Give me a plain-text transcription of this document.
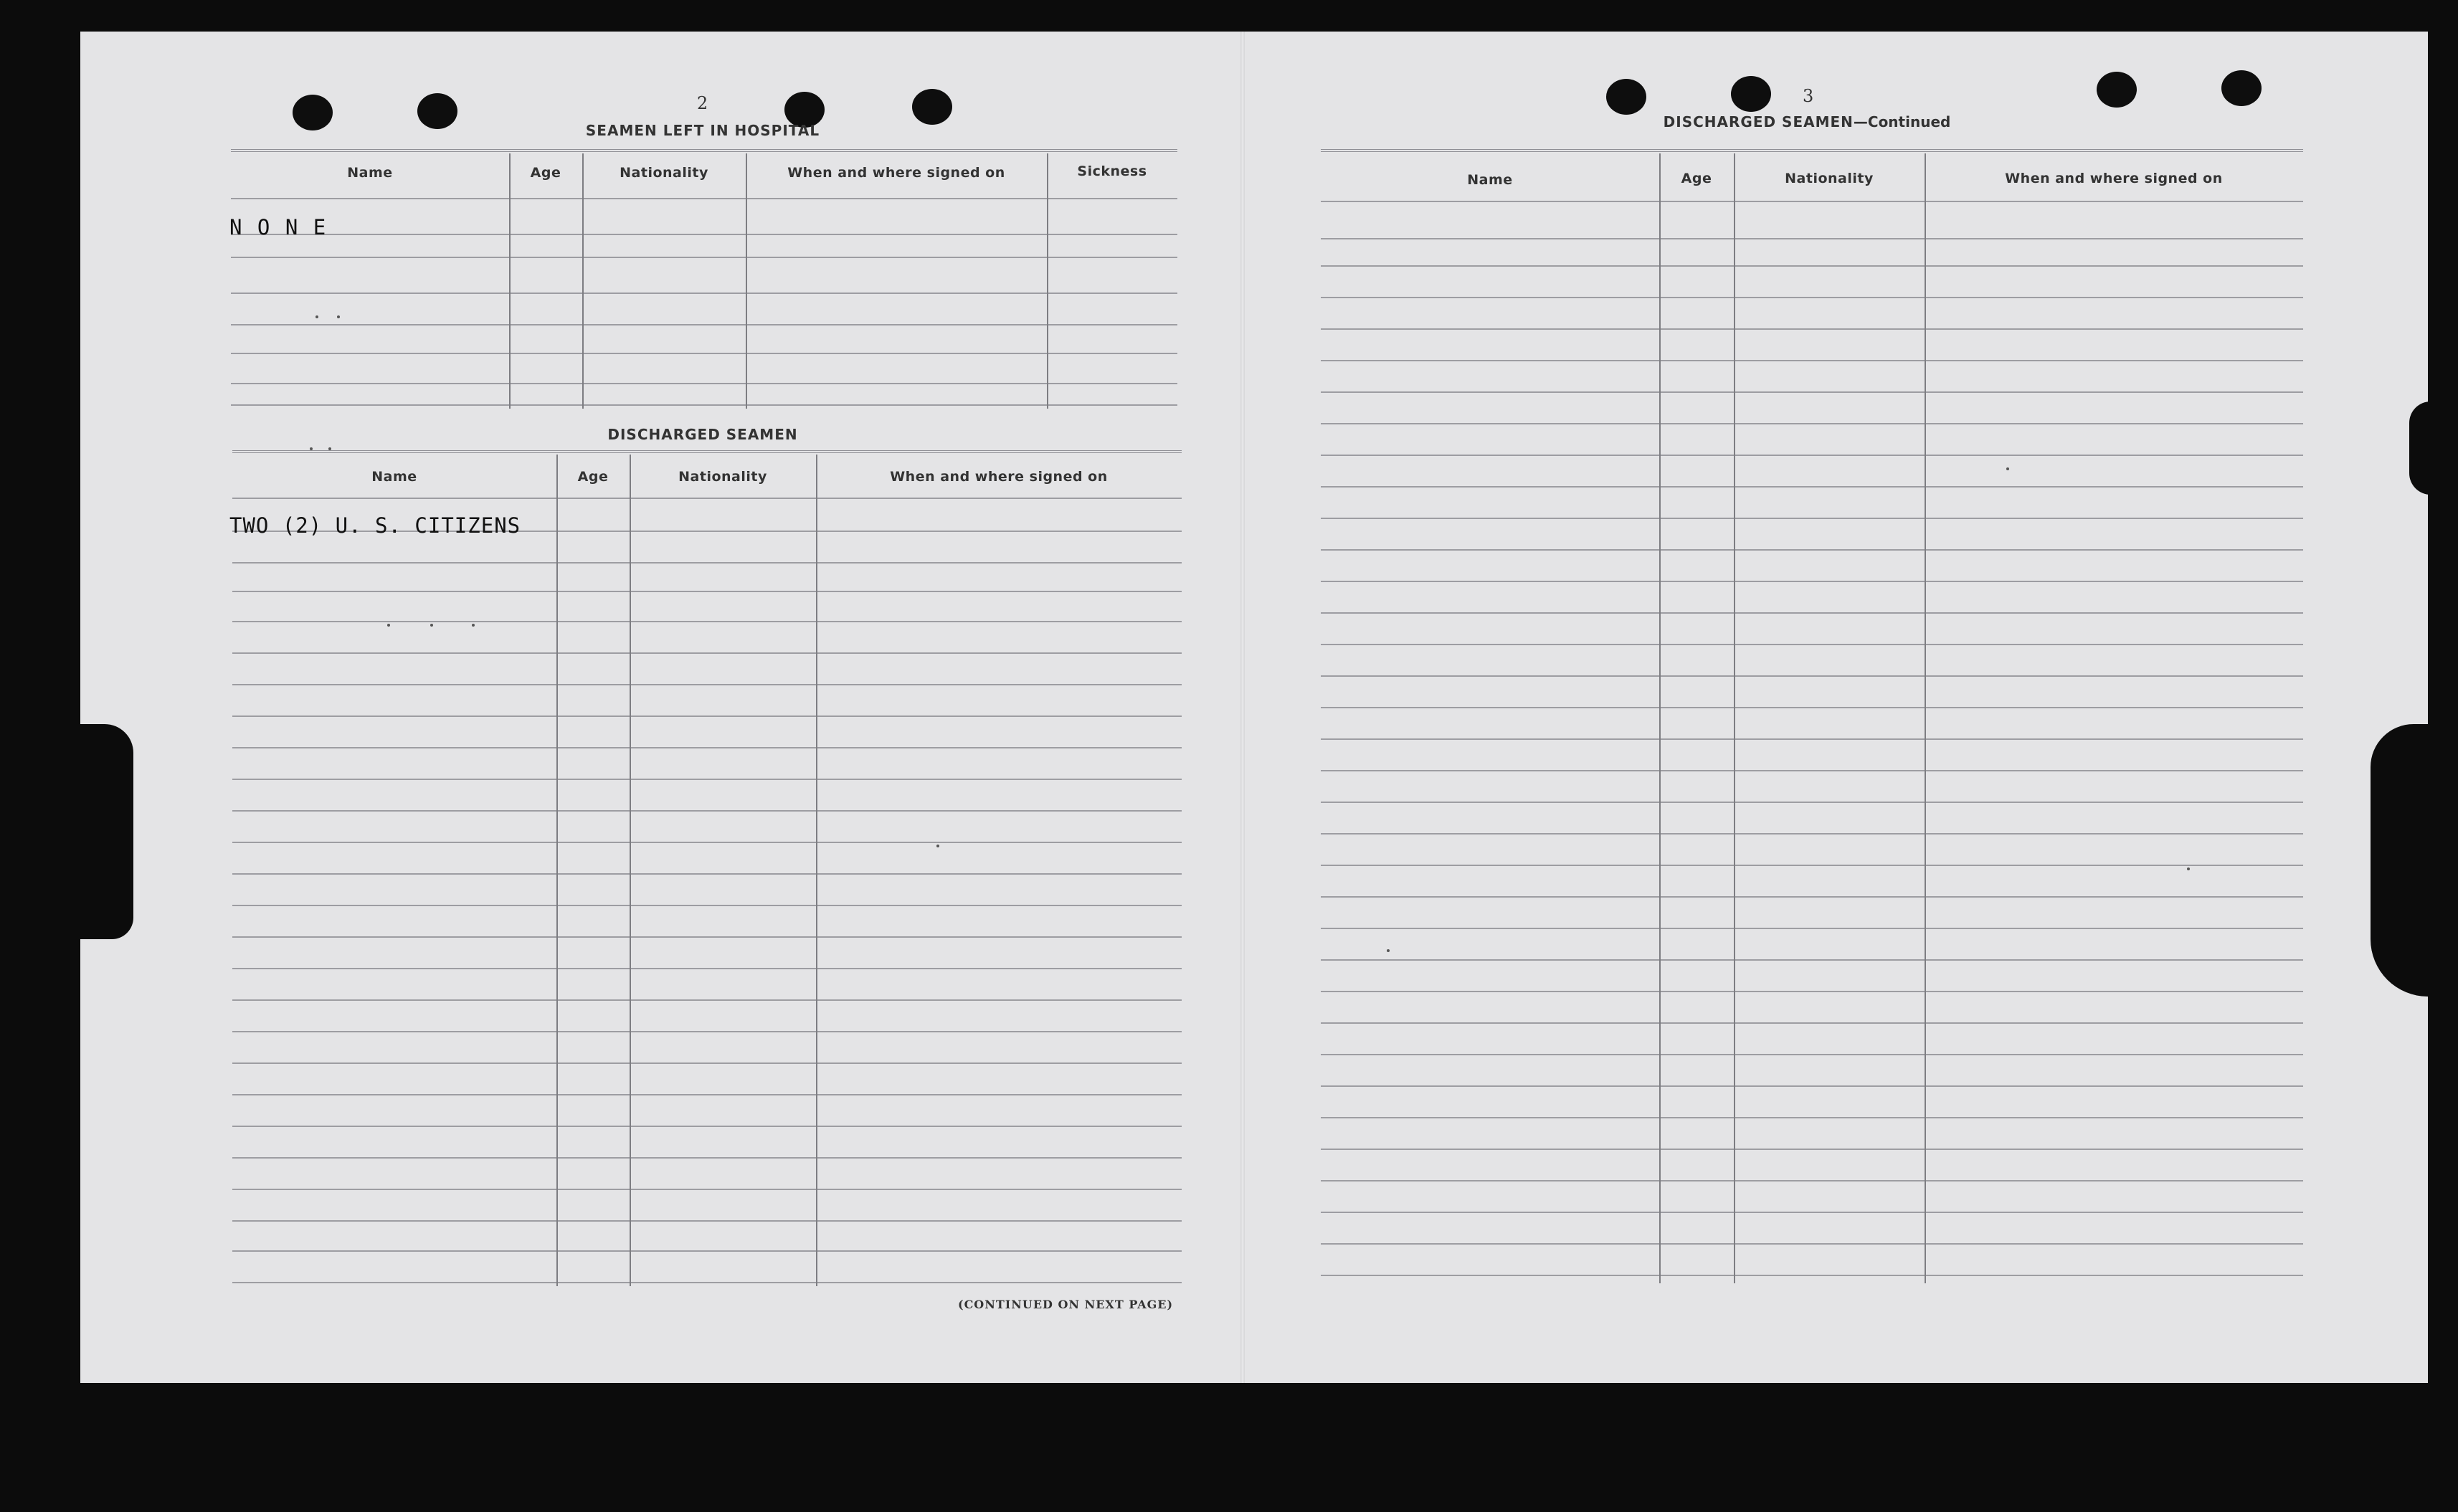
2
SEAMEN LEFT IN HOSPITAL
Name	Age	Nationality	When and where signed on	Sickness
N O N E
DISCHARGED SEAMEN
Name	Age	Nationality	When and where signed on
TWO (2) U. S. CITIZENS
(CONTINUED ON NEXT PAGE)
3
DISCHARGED SEAMEN—Continued
Name	Age	Nationality	When and where signed on
